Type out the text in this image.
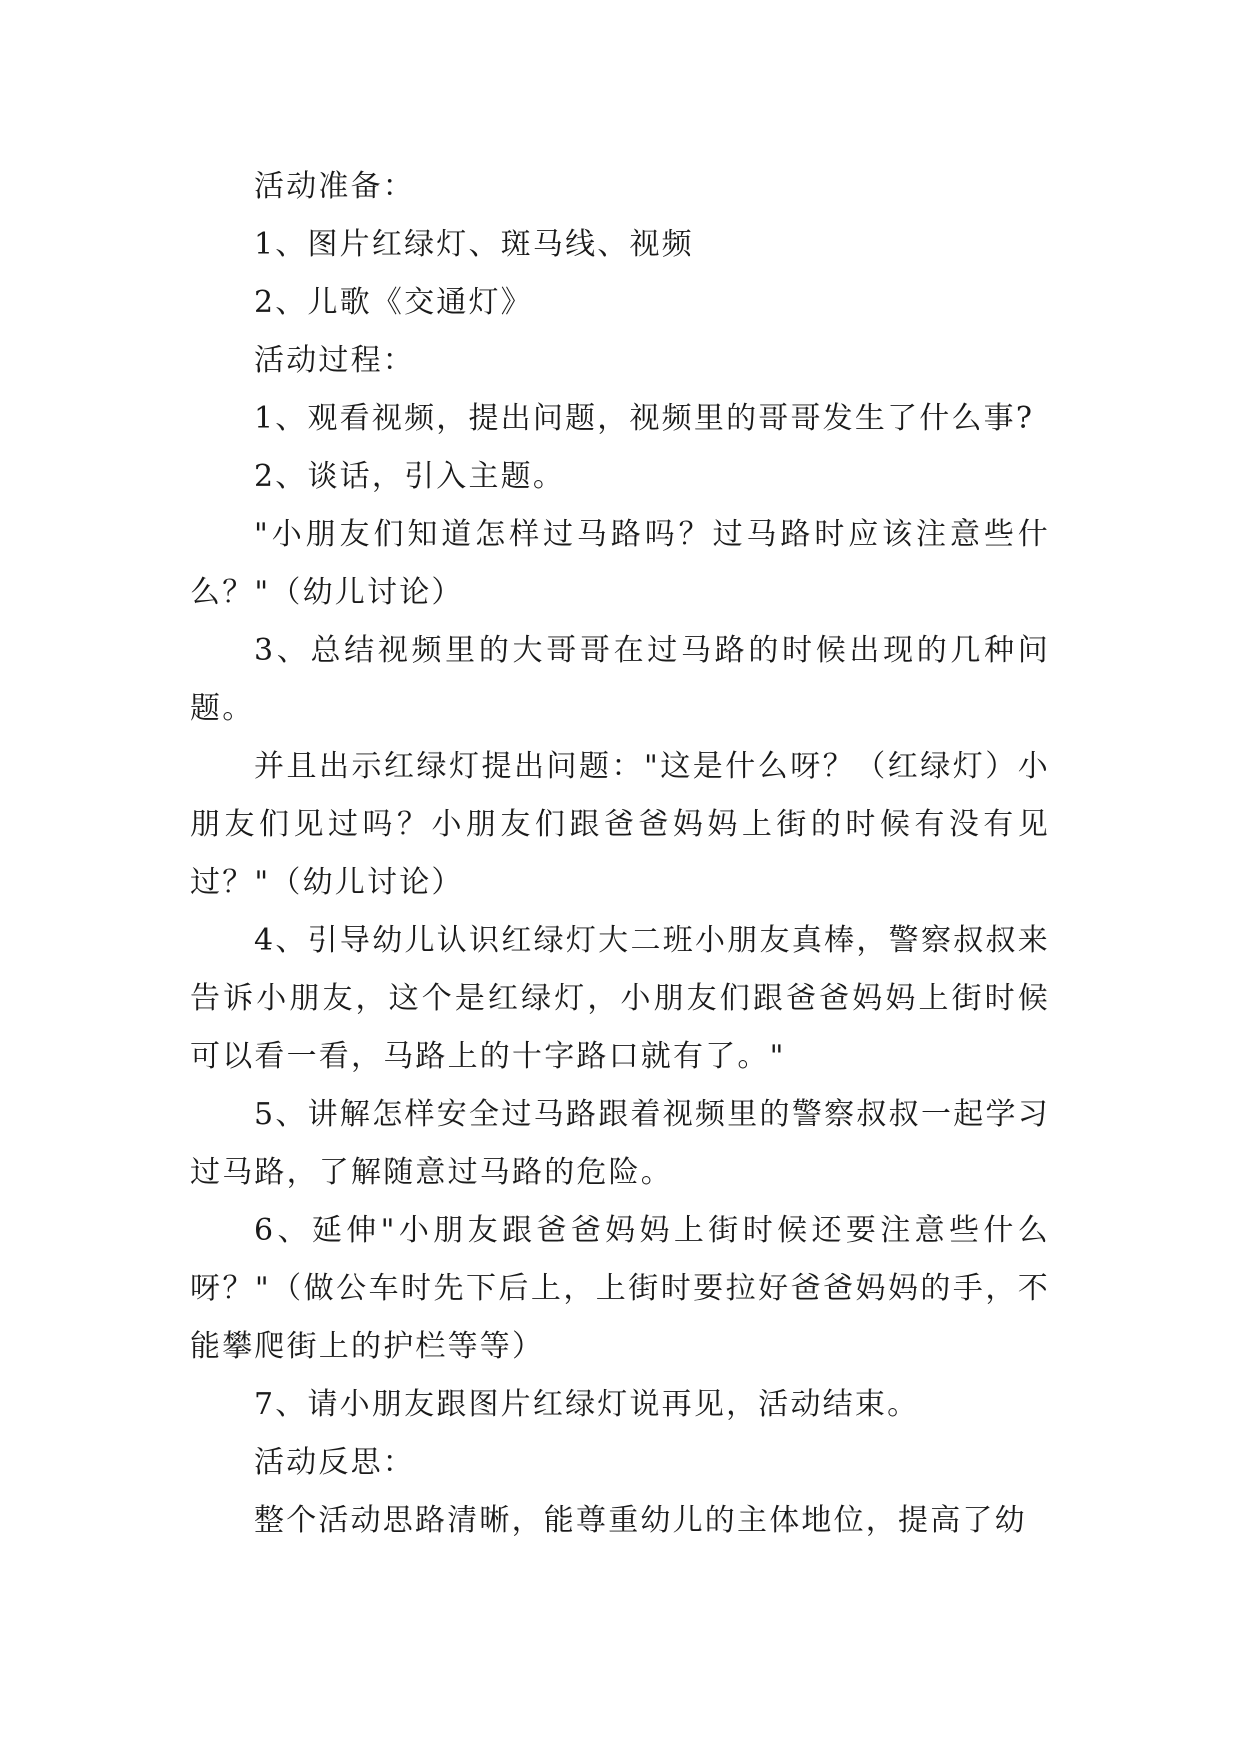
活动准备：

1、图片红绿灯、斑马线、视频

2、儿歌《交通灯》

活动过程：

1、观看视频，提出问题，视频里的哥哥发生了什么事?

2、谈话，引入主题。

"小朋友们知道怎样过马路吗？过马路时应该注意些什么？"（幼儿讨论）

3、总结视频里的大哥哥在过马路的时候出现的几种问题。

并且出示红绿灯提出问题："这是什么呀？（红绿灯）小朋友们见过吗？小朋友们跟爸爸妈妈上街的时候有没有见过？"（幼儿讨论）

4、引导幼儿认识红绿灯大二班小朋友真棒，警察叔叔来告诉小朋友，这个是红绿灯，小朋友们跟爸爸妈妈上街时候可以看一看，马路上的十字路口就有了。"

5、讲解怎样安全过马路跟着视频里的警察叔叔一起学习过马路，了解随意过马路的危险。

6、延伸"小朋友跟爸爸妈妈上街时候还要注意些什么呀？"（做公车时先下后上，上街时要拉好爸爸妈妈的手，不能攀爬街上的护栏等等）

7、请小朋友跟图片红绿灯说再见，活动结束。

活动反思：

整个活动思路清晰，能尊重幼儿的主体地位，提高了幼
